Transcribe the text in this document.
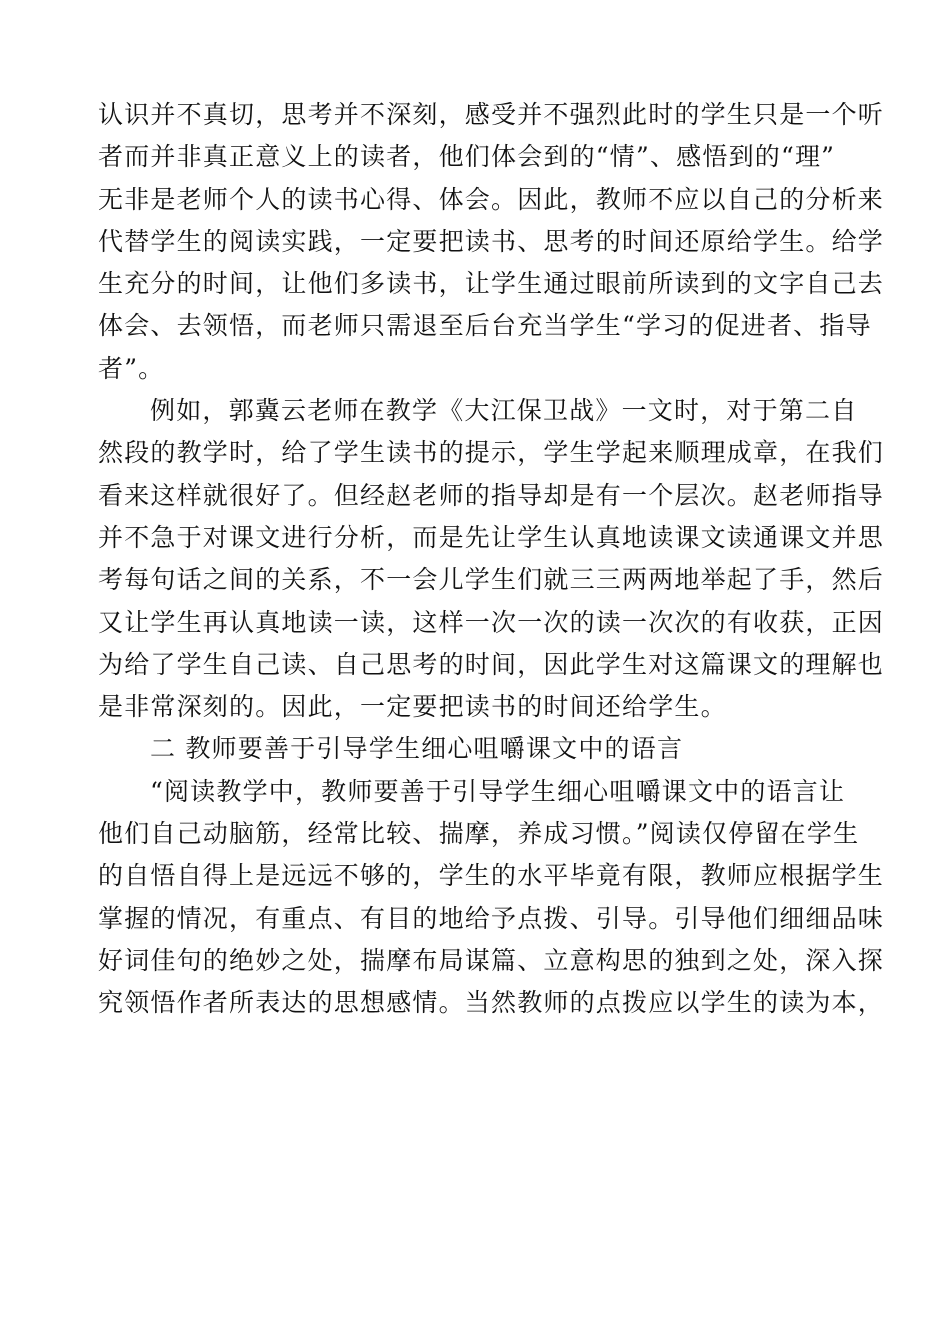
认识并不真切，思考并不深刻，感受并不强烈此时的学生只是一个听
者而并非真正意义上的读者，他们体会到的“情”、感悟到的“理”
无非是老师个人的读书心得、体会。因此，教师不应以自己的分析来
代替学生的阅读实践，一定要把读书、思考的时间还原给学生。给学
生充分的时间，让他们多读书，让学生通过眼前所读到的文字自己去
体会、去领悟，而老师只需退至后台充当学生“学习的促进者、指导
者”。
例如，郭冀云老师在教学《大江保卫战》一文时，对于第二自
然段的教学时，给了学生读书的提示，学生学起来顺理成章，在我们
看来这样就很好了。但经赵老师的指导却是有一个层次。赵老师指导
并不急于对课文进行分析，而是先让学生认真地读课文读通课文并思
考每句话之间的关系，不一会儿学生们就三三两两地举起了手，然后
又让学生再认真地读一读，这样一次一次的读一次次的有收获，正因
为给了学生自己读、自己思考的时间，因此学生对这篇课文的理解也
是非常深刻的。因此，一定要把读书的时间还给学生。
二 教师要善于引导学生细心咀嚼课文中的语言
“阅读教学中，教师要善于引导学生细心咀嚼课文中的语言让
他们自己动脑筋，经常比较、揣摩，养成习惯。”阅读仅停留在学生
的自悟自得上是远远不够的，学生的水平毕竟有限，教师应根据学生
掌握的情况，有重点、有目的地给予点拨、引导。引导他们细细品味
好词佳句的绝妙之处，揣摩布局谋篇、立意构思的独到之处，深入探
究领悟作者所表达的思想感情。当然教师的点拨应以学生的读为本，
